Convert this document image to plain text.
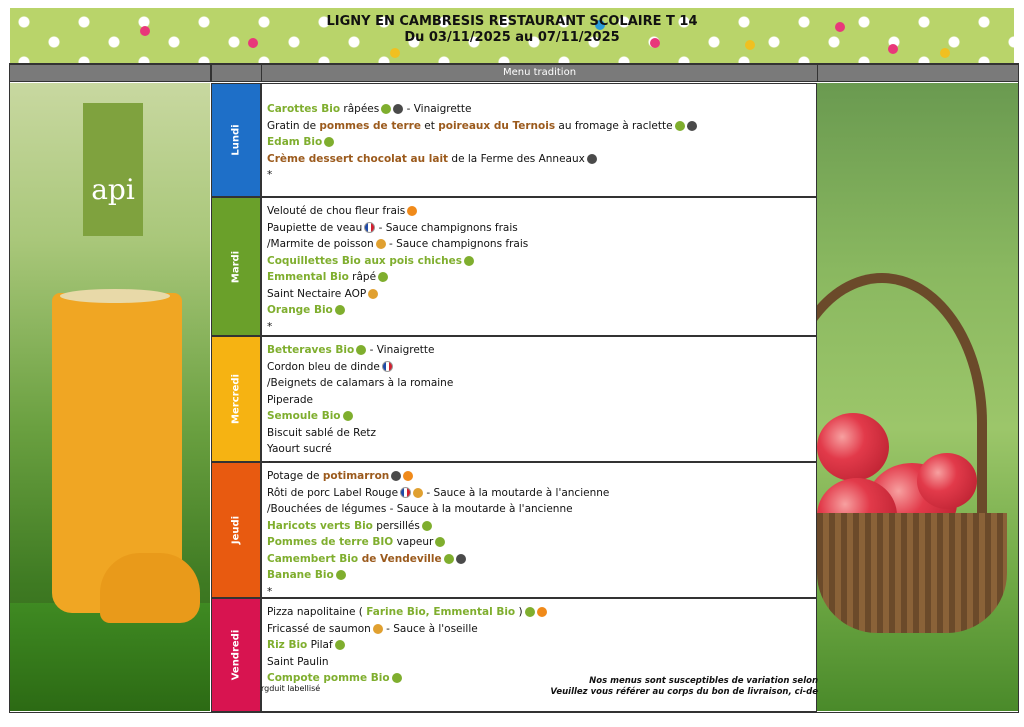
LIGNY EN CAMBRESIS RESTAURANT SCOLAIRE T 14
Du 03/11/2025 au 07/11/2025
Menu tradition
api
Lundi
Carottes Bio râpées - Vinaigrette
Gratin de pommes de terre et poireaux du Ternois au fromage à raclette
Edam Bio
Crème dessert chocolat au lait de la Ferme des Anneaux
*
Mardi
Velouté de chou fleur frais
Paupiette de veau - Sauce champignons frais
/Marmite de poisson - Sauce champignons frais
Coquillettes Bio aux pois chiches
Emmental Bio râpé
Saint Nectaire AOP
Orange Bio
*
Mercredi
Betteraves Bio - Vinaigrette
Cordon bleu de dinde
/Beignets de calamars à la romaine
Piperade
Semoule Bio
Biscuit sablé de Retz
Yaourt sucré
Jeudi
Potage de potimarron
Rôti de porc Label Rouge - Sauce à la moutarde à l'ancienne
/Bouchées de légumes - Sauce à la moutarde à l'ancienne
Haricots verts Bio persillés
Pommes de terre BIO vapeur
Camembert Bio de Vendeville
Banane Bio
*
Vendredi
Pizza napolitaine ( Farine Bio, Emmental Bio )
Fricassé de saumon - Sauce à l'oseille
Riz Bio Pilaf
Saint Paulin
Compote pomme Bio	Nos menus sont susceptibles de variation selon
Veuillez vous référer au corps du bon de livraison, ci-de
rgduit labellisé
